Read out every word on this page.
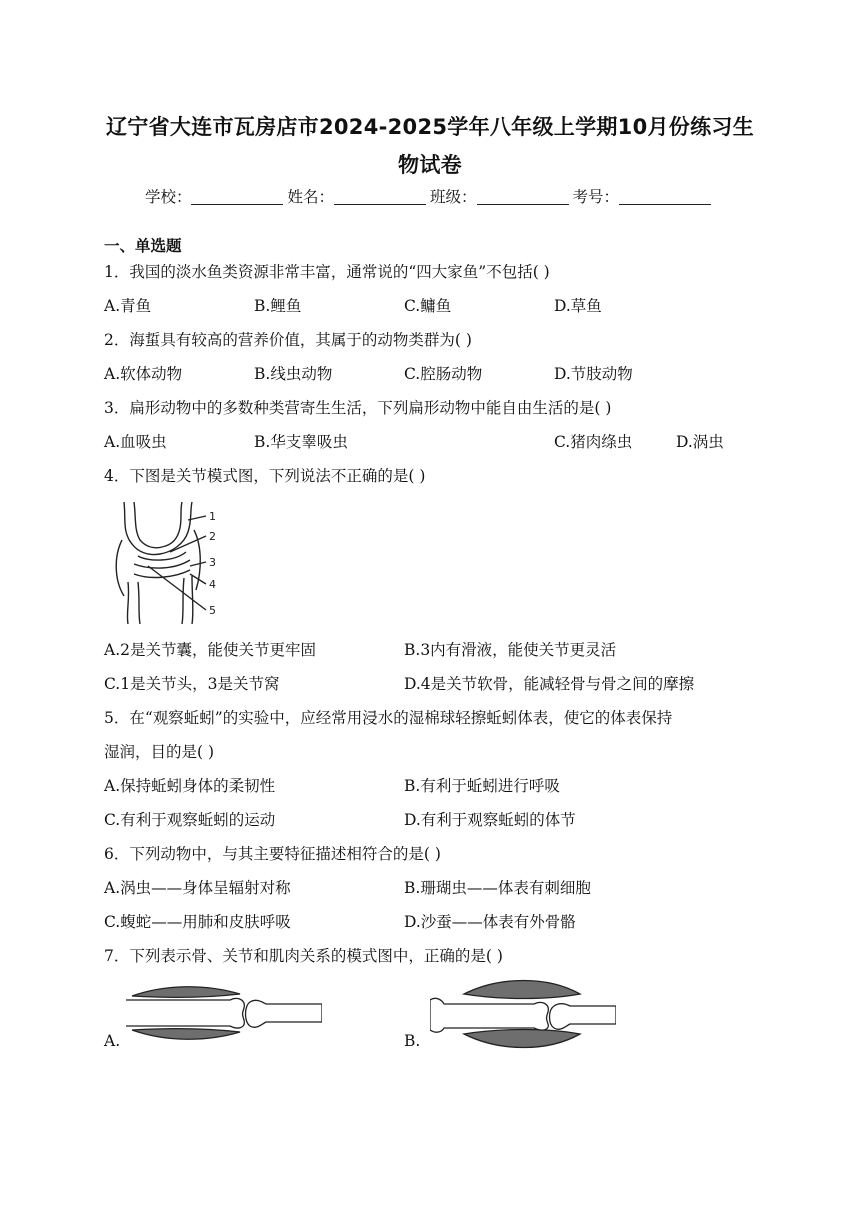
辽宁省大连市瓦房店市2024-2025学年八年级上学期10月份练习生
物试卷
学校：	姓名：	班级：	考号：
一、单选题
1．我国的淡水鱼类资源非常丰富，通常说的“四大家鱼”不包括( )
A.青鱼	B.鲤鱼	C.鳙鱼	D.草鱼
2．海蜇具有较高的营养价值，其属于的动物类群为( )
A.软体动物	B.线虫动物	C.腔肠动物	D.节肢动物
3．扁形动物中的多数种类营寄生生活，下列扁形动物中能自由生活的是( )
A.血吸虫	B.华支睾吸虫	C.猪肉绦虫	D.涡虫
4．下图是关节模式图，下列说法不正确的是( )
1
2
3
4
5
A.2是关节囊，能使关节更牢固	B.3内有滑液，能使关节更灵活
C.1是关节头，3是关节窝	D.4是关节软骨，能减轻骨与骨之间的摩擦
5．在“观察蚯蚓”的实验中，应经常用浸水的湿棉球轻擦蚯蚓体表，使它的体表保持
湿润，目的是( )
A.保持蚯蚓身体的柔韧性	B.有利于蚯蚓进行呼吸
C.有利于观察蚯蚓的运动	D.有利于观察蚯蚓的体节
6．下列动物中，与其主要特征描述相符合的是( )
A.涡虫——身体呈辐射对称	B.珊瑚虫——体表有刺细胞
C.蝮蛇——用肺和皮肤呼吸	D.沙蚕——体表有外骨骼
7．下列表示骨、关节和肌肉关系的模式图中，正确的是( )
A.	B.
